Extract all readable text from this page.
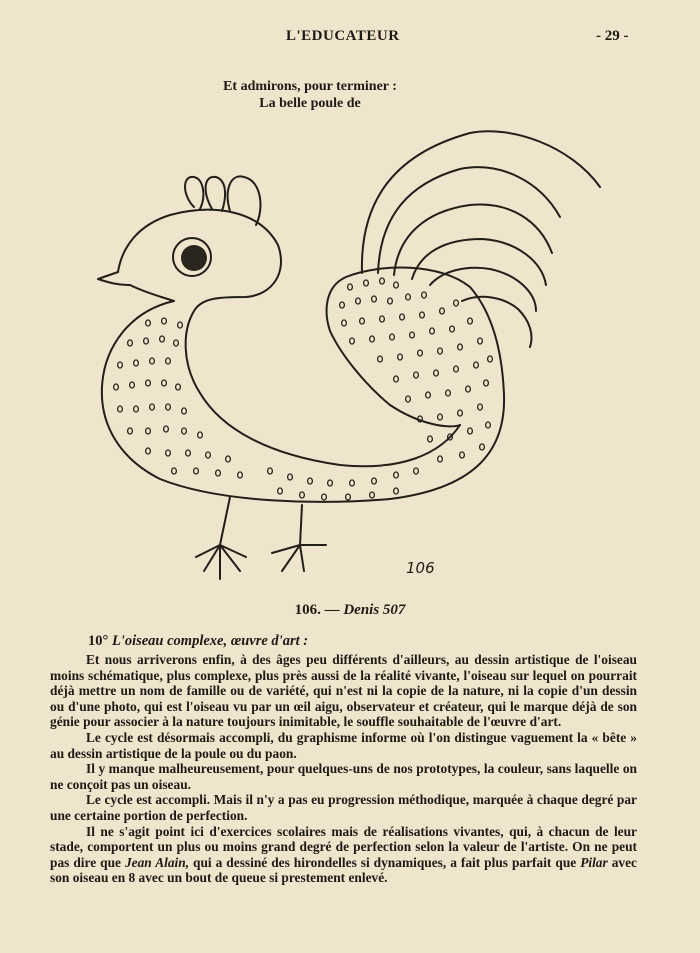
L'EDUCATEUR	- 29 -
Et admirons, pour terminer :
La belle poule de
106
106. — Denis 507
10° L'oiseau complexe, œuvre d'art :

Et nous arriverons enfin, à des âges peu différents d'ailleurs, au dessin artistique de l'oiseau moins schématique, plus complexe, plus près aussi de la réalité vivante, l'oiseau sur lequel on pourrait déjà mettre un nom de famille ou de variété, qui n'est ni la copie de la nature, ni la copie d'un dessin ou d'une photo, qui est l'oiseau vu par un œil aigu, observateur et créateur, qui le marque déjà de son génie pour associer à la nature toujours inimitable, le souffle souhaitable de l'œuvre d'art.

Le cycle est désormais accompli, du graphisme informe où l'on distingue vaguement la « bête » au dessin artistique de la poule ou du paon.

Il y manque malheureusement, pour quelques-uns de nos prototypes, la couleur, sans laquelle on ne conçoit pas un oiseau.

Le cycle est accompli. Mais il n'y a pas eu progression méthodique, marquée à chaque degré par une certaine portion de perfection.

Il ne s'agit point ici d'exercices scolaires mais de réalisations vivantes, qui, à chacun de leur stade, comportent un plus ou moins grand degré de perfection selon la valeur de l'artiste. On ne peut pas dire que Jean Alain, qui a dessiné des hirondelles si dynamiques, a fait plus parfait que Pilar avec son oiseau en 8 avec un bout de queue si prestement enlevé.
